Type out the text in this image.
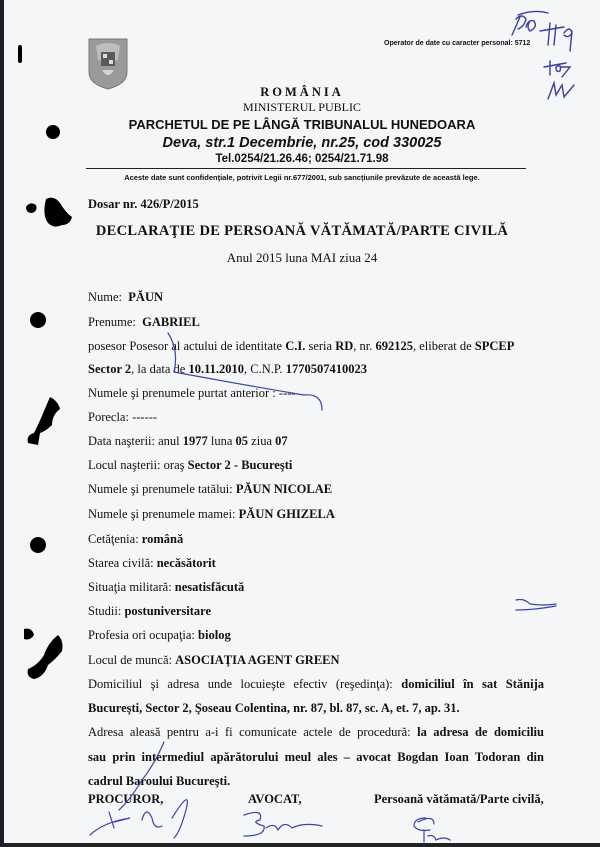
Operator de date cu caracter personal: 5712
ROMÂNIA
MINISTERUL PUBLIC
PARCHETUL DE PE LÂNGĂ TRIBUNALUL HUNEDOARA
Deva, str.1 Decembrie, nr.25, cod 330025
Tel.0254/21.26.46; 0254/21.71.98
Aceste date sunt confidenţiale, potrivit Legii nr.677/2001, sub sancţiunile prevăzute de această lege.
Dosar nr. 426/P/2015
DECLARAŢIE DE PERSOANĂ VĂTĂMATĂ/PARTE CIVILĂ
Anul 2015 luna MAI ziua 24
Nume: PĂUN
Prenume: GABRIEL
posesor Posesor al actului de identitate C.I. seria RD, nr. 692125, eliberat de SPCEP
Sector 2, la data de 10.11.2010, C.N.P. 1770507410023
Numele şi prenumele purtat anterior : -----
Porecla: ------
Data naşterii: anul 1977 luna 05 ziua 07
Locul naşterii: oraş Sector 2 - Bucureşti
Numele şi prenumele tatălui: PĂUN NICOLAE
Numele şi prenumele mamei: PĂUN GHIZELA
Cetăţenia: română
Starea civilă: necăsătorit
Situaţia militară: nesatisfăcută
Studii: postuniversitare
Profesia ori ocupaţia: biolog
Locul de muncă: ASOCIAŢIA AGENT GREEN
Domiciliul şi adresa unde locuieşte efectiv (reşedinţa): domiciliul în sat Stănija
Bucureşti, Sector 2, Şoseau Colentina, nr. 87, bl. 87, sc. A, et. 7, ap. 31.
Adresa aleasă pentru a-i fi comunicate actele de procedură: la adresa de domiciliu
sau prin intermediul apărătorului meul ales – avocat Bogdan Ioan Todoran din
cadrul Baroului Bucureşti.
PROCUROR,	AVOCAT,	Persoană vătămată/Parte civilă,
